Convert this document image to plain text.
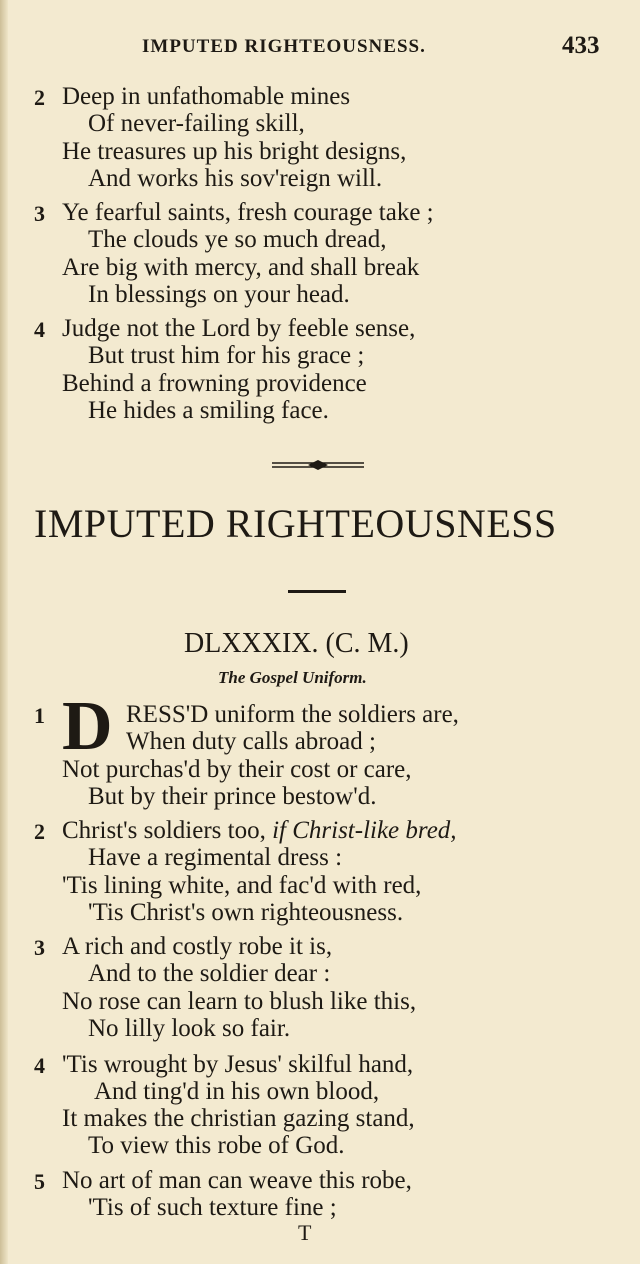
IMPUTED RIGHTEOUSNESS.	433
2 Deep in unfathomable mines
Of never-failing skill,
He treasures up his bright designs,
And works his sov'reign will.
3 Ye fearful saints, fresh courage take ;
The clouds ye so much dread,
Are big with mercy, and shall break
In blessings on your head.
4 Judge not the Lord by feeble sense,
But trust him for his grace ;
Behind a frowning providence
He hides a smiling face.
IMPUTED RIGHTEOUSNESS
DLXXXIX. (C. M.)
The Gospel Uniform.
1 D RESS'D uniform the soldiers are,
When duty calls abroad ;
Not purchas'd by their cost or care,
But by their prince bestow'd.
2 Christ's soldiers too, if Christ-like bred,
Have a regimental dress :
'Tis lining white, and fac'd with red,
'Tis Christ's own righteousness.
3 A rich and costly robe it is,
And to the soldier dear :
No rose can learn to blush like this,
No lilly look so fair.
4 'Tis wrought by Jesus' skilful hand,
And ting'd in his own blood,
It makes the christian gazing stand,
To view this robe of God.
5 No art of man can weave this robe,
'Tis of such texture fine ;
T
